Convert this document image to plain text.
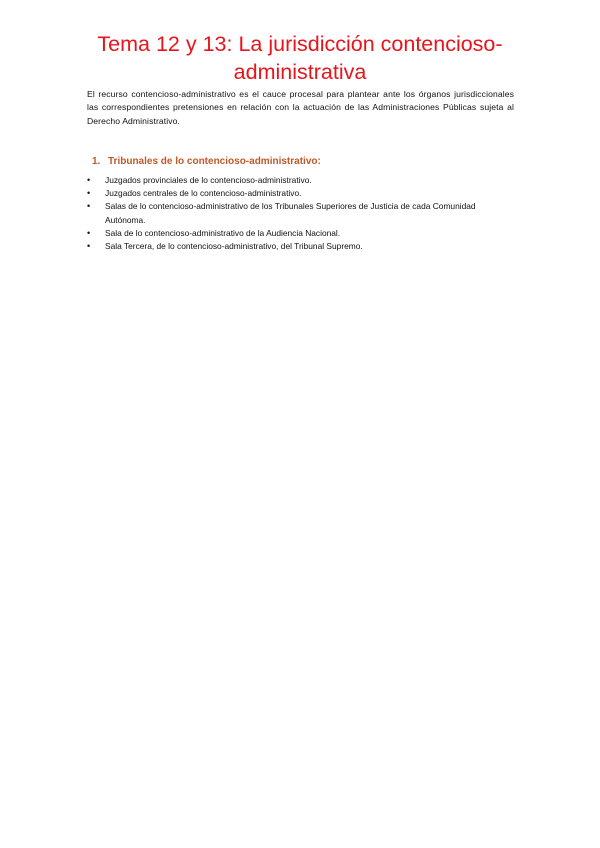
Tema 12 y 13: La jurisdicción contencioso-administrativa

El recurso contencioso-administrativo es el cauce procesal para plantear ante los órganos jurisdiccionales las correspondientes pretensiones en relación con la actuación de las Administraciones Públicas sujeta al Derecho Administrativo.

1. Tribunales de lo contencioso-administrativo:
• Juzgados provinciales de lo contencioso-administrativo.
• Juzgados centrales de lo contencioso-administrativo.
• Salas de lo contencioso-administrativo de los Tribunales Superiores de Justicia de cada Comunidad Autónoma.
• Sala de lo contencioso-administrativo de la Audiencia Nacional.
• Sala Tercera, de lo contencioso-administrativo, del Tribunal Supremo.
